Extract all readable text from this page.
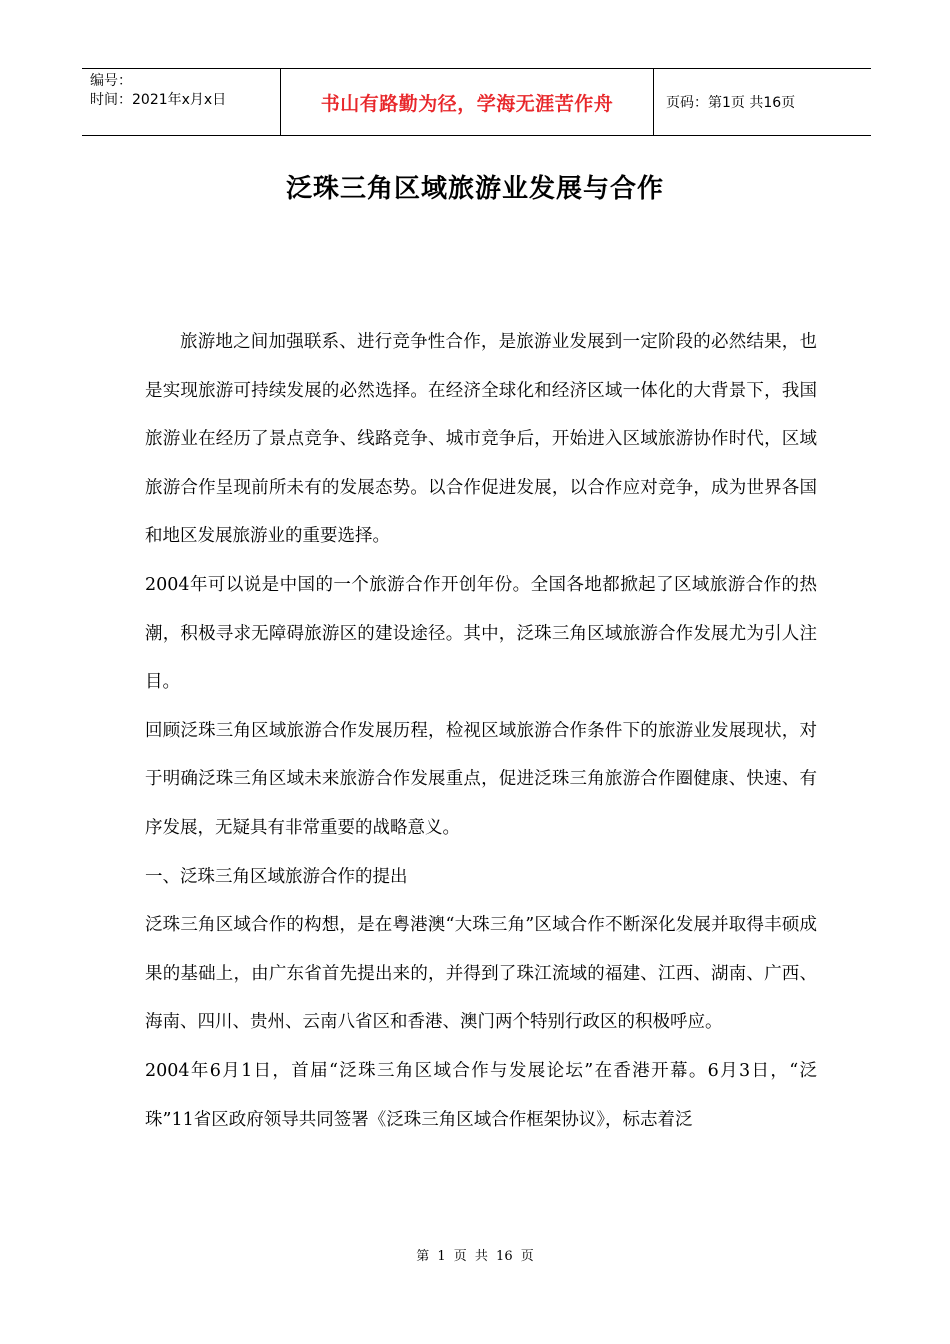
编号：
时间：2021年x月x日	书山有路勤为径，学海无涯苦作舟	页码：第1页 共16页
泛珠三角区域旅游业发展与合作

旅游地之间加强联系、进行竞争性合作，是旅游业发展到一定阶段的必然结果，也是实现旅游可持续发展的必然选择。在经济全球化和经济区域一体化的大背景下，我国旅游业在经历了景点竞争、线路竞争、城市竞争后，开始进入区域旅游协作时代，区域旅游合作呈现前所未有的发展态势。以合作促进发展，以合作应对竞争，成为世界各国和地区发展旅游业的重要选择。

2004年可以说是中国的一个旅游合作开创年份。全国各地都掀起了区域旅游合作的热潮，积极寻求无障碍旅游区的建设途径。其中，泛珠三角区域旅游合作发展尤为引人注目。

回顾泛珠三角区域旅游合作发展历程，检视区域旅游合作条件下的旅游业发展现状，对于明确泛珠三角区域未来旅游合作发展重点，促进泛珠三角旅游合作圈健康、快速、有序发展，无疑具有非常重要的战略意义。

一、泛珠三角区域旅游合作的提出

泛珠三角区域合作的构想，是在粤港澳“大珠三角”区域合作不断深化发展并取得丰硕成果的基础上，由广东省首先提出来的，并得到了珠江流域的福建、江西、湖南、广西、海南、四川、贵州、云南八省区和香港、澳门两个特别行政区的积极呼应。

2004年6月1日，首届“泛珠三角区域合作与发展论坛”在香港开幕。6月3日，“泛珠”11省区政府领导共同签署《泛珠三角区域合作框架协议》，标志着泛

第 1 页 共 16 页
